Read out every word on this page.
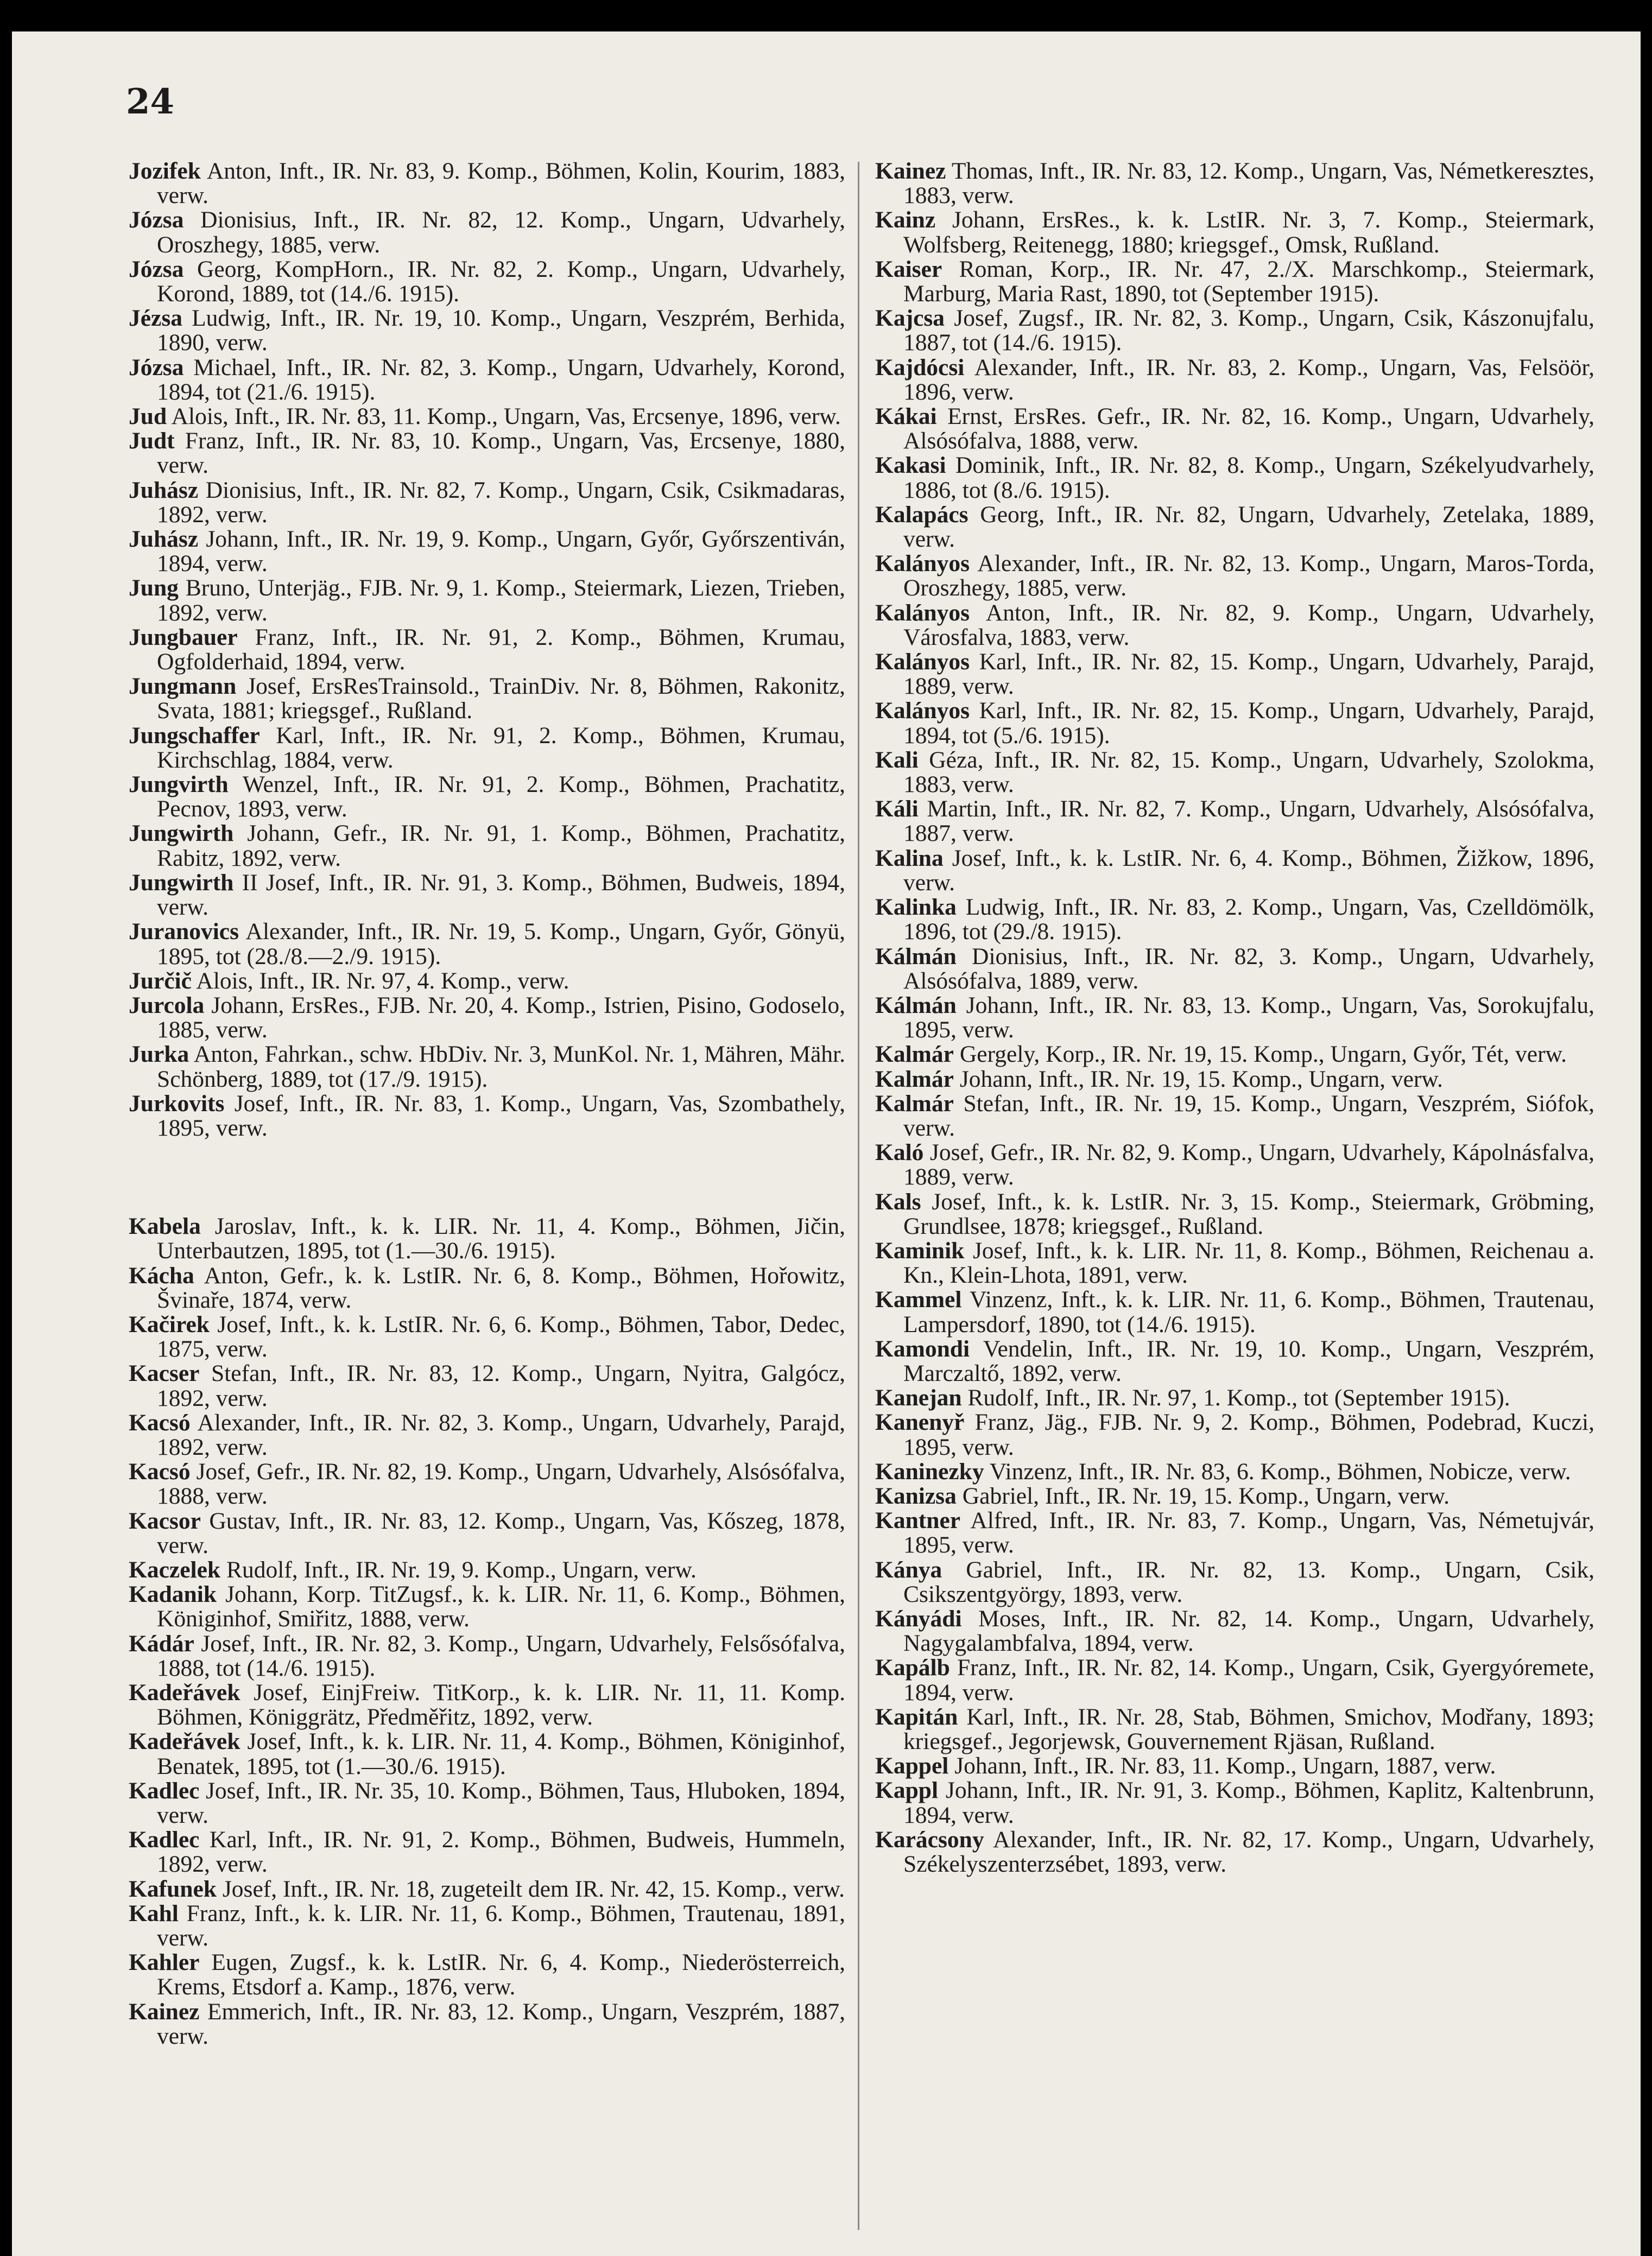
24

Jozifek Anton, Inft., IR. Nr. 83, 9. Komp., Böhmen, Kolin, Kourim, 1883, verw.

Józsa Dionisius, Inft., IR. Nr. 82, 12. Komp., Ungarn, Udvarhely, Oroszhegy, 1885, verw.

Józsa Georg, KompHorn., IR. Nr. 82, 2. Komp., Ungarn, Udvarhely, Korond, 1889, tot (14./6. 1915).

Jézsa Ludwig, Inft., IR. Nr. 19, 10. Komp., Ungarn, Veszprém, Berhida, 1890, verw.

Józsa Michael, Inft., IR. Nr. 82, 3. Komp., Ungarn, Udvarhely, Korond, 1894, tot (21./6. 1915).

Jud Alois, Inft., IR. Nr. 83, 11. Komp., Ungarn, Vas, Ercsenye, 1896, verw.

Judt Franz, Inft., IR. Nr. 83, 10. Komp., Ungarn, Vas, Ercsenye, 1880, verw.

Juhász Dionisius, Inft., IR. Nr. 82, 7. Komp., Ungarn, Csik, Csikmadaras, 1892, verw.

Juhász Johann, Inft., IR. Nr. 19, 9. Komp., Ungarn, Győr, Győrszentiván, 1894, verw.

Jung Bruno, Unterjäg., FJB. Nr. 9, 1. Komp., Steiermark, Liezen, Trieben, 1892, verw.

Jungbauer Franz, Inft., IR. Nr. 91, 2. Komp., Böhmen, Krumau, Ogfolderhaid, 1894, verw.

Jungmann Josef, ErsResTrainsold., TrainDiv. Nr. 8, Böhmen, Rakonitz, Svata, 1881; kriegsgef., Rußland.

Jungschaffer Karl, Inft., IR. Nr. 91, 2. Komp., Böhmen, Krumau, Kirchschlag, 1884, verw.

Jungvirth Wenzel, Inft., IR. Nr. 91, 2. Komp., Böhmen, Prachatitz, Pecnov, 1893, verw.

Jungwirth Johann, Gefr., IR. Nr. 91, 1. Komp., Böhmen, Prachatitz, Rabitz, 1892, verw.

Jungwirth II Josef, Inft., IR. Nr. 91, 3. Komp., Böhmen, Budweis, 1894, verw.

Juranovics Alexander, Inft., IR. Nr. 19, 5. Komp., Ungarn, Győr, Gönyü, 1895, tot (28./8.—2./9. 1915).

Jurčič Alois, Inft., IR. Nr. 97, 4. Komp., verw.

Jurcola Johann, ErsRes., FJB. Nr. 20, 4. Komp., Istrien, Pisino, Godoselo, 1885, verw.

Jurka Anton, Fahrkan., schw. HbDiv. Nr. 3, MunKol. Nr. 1, Mähren, Mähr. Schönberg, 1889, tot (17./9. 1915).

Jurkovits Josef, Inft., IR. Nr. 83, 1. Komp., Ungarn, Vas, Szombathely, 1895, verw.

Kabela Jaroslav, Inft., k. k. LIR. Nr. 11, 4. Komp., Böhmen, Jičin, Unterbautzen, 1895, tot (1.—30./6. 1915).

Kácha Anton, Gefr., k. k. LstIR. Nr. 6, 8. Komp., Böhmen, Hořowitz, Švinaře, 1874, verw.

Kačirek Josef, Inft., k. k. LstIR. Nr. 6, 6. Komp., Böhmen, Tabor, Dedec, 1875, verw.

Kacser Stefan, Inft., IR. Nr. 83, 12. Komp., Ungarn, Nyitra, Galgócz, 1892, verw.

Kacsó Alexander, Inft., IR. Nr. 82, 3. Komp., Ungarn, Udvarhely, Parajd, 1892, verw.

Kacsó Josef, Gefr., IR. Nr. 82, 19. Komp., Ungarn, Udvarhely, Alsósófalva, 1888, verw.

Kacsor Gustav, Inft., IR. Nr. 83, 12. Komp., Ungarn, Vas, Kőszeg, 1878, verw.

Kaczelek Rudolf, Inft., IR. Nr. 19, 9. Komp., Ungarn, verw.

Kadanik Johann, Korp. TitZugsf., k. k. LIR. Nr. 11, 6. Komp., Böhmen, Königinhof, Smiřitz, 1888, verw.

Kádár Josef, Inft., IR. Nr. 82, 3. Komp., Ungarn, Udvarhely, Felsősófalva, 1888, tot (14./6. 1915).

Kadeřávek Josef, EinjFreiw. TitKorp., k. k. LIR. Nr. 11, 11. Komp. Böhmen, Königgrätz, Předměřitz, 1892, verw.

Kadeřávek Josef, Inft., k. k. LIR. Nr. 11, 4. Komp., Böhmen, Königinhof, Benatek, 1895, tot (1.—30./6. 1915).

Kadlec Josef, Inft., IR. Nr. 35, 10. Komp., Böhmen, Taus, Hluboken, 1894, verw.

Kadlec Karl, Inft., IR. Nr. 91, 2. Komp., Böhmen, Budweis, Hummeln, 1892, verw.

Kafunek Josef, Inft., IR. Nr. 18, zugeteilt dem IR. Nr. 42, 15. Komp., verw.

Kahl Franz, Inft., k. k. LIR. Nr. 11, 6. Komp., Böhmen, Trautenau, 1891, verw.

Kahler Eugen, Zugsf., k. k. LstIR. Nr. 6, 4. Komp., Niederösterreich, Krems, Etsdorf a. Kamp., 1876, verw.

Kainez Emmerich, Inft., IR. Nr. 83, 12. Komp., Ungarn, Veszprém, 1887, verw.

Kainez Thomas, Inft., IR. Nr. 83, 12. Komp., Ungarn, Vas, Németkeresztes, 1883, verw.

Kainz Johann, ErsRes., k. k. LstIR. Nr. 3, 7. Komp., Steiermark, Wolfsberg, Reitenegg, 1880; kriegsgef., Omsk, Rußland.

Kaiser Roman, Korp., IR. Nr. 47, 2./X. Marschkomp., Steiermark, Marburg, Maria Rast, 1890, tot (September 1915).

Kajcsa Josef, Zugsf., IR. Nr. 82, 3. Komp., Ungarn, Csik, Kászonujfalu, 1887, tot (14./6. 1915).

Kajdócsi Alexander, Inft., IR. Nr. 83, 2. Komp., Ungarn, Vas, Felsöör, 1896, verw.

Kákai Ernst, ErsRes. Gefr., IR. Nr. 82, 16. Komp., Ungarn, Udvarhely, Alsósófalva, 1888, verw.

Kakasi Dominik, Inft., IR. Nr. 82, 8. Komp., Ungarn, Székelyudvarhely, 1886, tot (8./6. 1915).

Kalapács Georg, Inft., IR. Nr. 82, Ungarn, Udvarhely, Zetelaka, 1889, verw.

Kalányos Alexander, Inft., IR. Nr. 82, 13. Komp., Ungarn, Maros-Torda, Oroszhegy, 1885, verw.

Kalányos Anton, Inft., IR. Nr. 82, 9. Komp., Ungarn, Udvarhely, Városfalva, 1883, verw.

Kalányos Karl, Inft., IR. Nr. 82, 15. Komp., Ungarn, Udvarhely, Parajd, 1889, verw.

Kalányos Karl, Inft., IR. Nr. 82, 15. Komp., Ungarn, Udvarhely, Parajd, 1894, tot (5./6. 1915).

Kali Géza, Inft., IR. Nr. 82, 15. Komp., Ungarn, Udvarhely, Szolokma, 1883, verw.

Káli Martin, Inft., IR. Nr. 82, 7. Komp., Ungarn, Udvarhely, Alsósófalva, 1887, verw.

Kalina Josef, Inft., k. k. LstIR. Nr. 6, 4. Komp., Böhmen, Žižkow, 1896, verw.

Kalinka Ludwig, Inft., IR. Nr. 83, 2. Komp., Ungarn, Vas, Czelldömölk, 1896, tot (29./8. 1915).

Kálmán Dionisius, Inft., IR. Nr. 82, 3. Komp., Ungarn, Udvarhely, Alsósófalva, 1889, verw.

Kálmán Johann, Inft., IR. Nr. 83, 13. Komp., Ungarn, Vas, Sorokujfalu, 1895, verw.

Kalmár Gergely, Korp., IR. Nr. 19, 15. Komp., Ungarn, Győr, Tét, verw.

Kalmár Johann, Inft., IR. Nr. 19, 15. Komp., Ungarn, verw.

Kalmár Stefan, Inft., IR. Nr. 19, 15. Komp., Ungarn, Veszprém, Siófok, verw.

Kaló Josef, Gefr., IR. Nr. 82, 9. Komp., Ungarn, Udvarhely, Kápolnásfalva, 1889, verw.

Kals Josef, Inft., k. k. LstIR. Nr. 3, 15. Komp., Steiermark, Gröbming, Grundlsee, 1878; kriegsgef., Rußland.

Kaminik Josef, Inft., k. k. LIR. Nr. 11, 8. Komp., Böhmen, Reichenau a. Kn., Klein-Lhota, 1891, verw.

Kammel Vinzenz, Inft., k. k. LIR. Nr. 11, 6. Komp., Böhmen, Trautenau, Lampersdorf, 1890, tot (14./6. 1915).

Kamondi Vendelin, Inft., IR. Nr. 19, 10. Komp., Ungarn, Veszprém, Marczaltő, 1892, verw.

Kanejan Rudolf, Inft., IR. Nr. 97, 1. Komp., tot (September 1915).

Kanenyř Franz, Jäg., FJB. Nr. 9, 2. Komp., Böhmen, Podebrad, Kuczi, 1895, verw.

Kaninezky Vinzenz, Inft., IR. Nr. 83, 6. Komp., Böhmen, Nobicze, verw.

Kanizsa Gabriel, Inft., IR. Nr. 19, 15. Komp., Ungarn, verw.

Kantner Alfred, Inft., IR. Nr. 83, 7. Komp., Ungarn, Vas, Németujvár, 1895, verw.

Kánya Gabriel, Inft., IR. Nr. 82, 13. Komp., Ungarn, Csik, Csikszentgyörgy, 1893, verw.

Kányádi Moses, Inft., IR. Nr. 82, 14. Komp., Ungarn, Udvarhely, Nagygalambfalva, 1894, verw.

Kapálb Franz, Inft., IR. Nr. 82, 14. Komp., Ungarn, Csik, Gyergyóremete, 1894, verw.

Kapitán Karl, Inft., IR. Nr. 28, Stab, Böhmen, Smichov, Modřany, 1893; kriegsgef., Jegorjewsk, Gouvernement Rjäsan, Rußland.

Kappel Johann, Inft., IR. Nr. 83, 11. Komp., Ungarn, 1887, verw.

Kappl Johann, Inft., IR. Nr. 91, 3. Komp., Böhmen, Kaplitz, Kaltenbrunn, 1894, verw.

Karácsony Alexander, Inft., IR. Nr. 82, 17. Komp., Ungarn, Udvarhely, Székelyszenterzsébet, 1893, verw.
